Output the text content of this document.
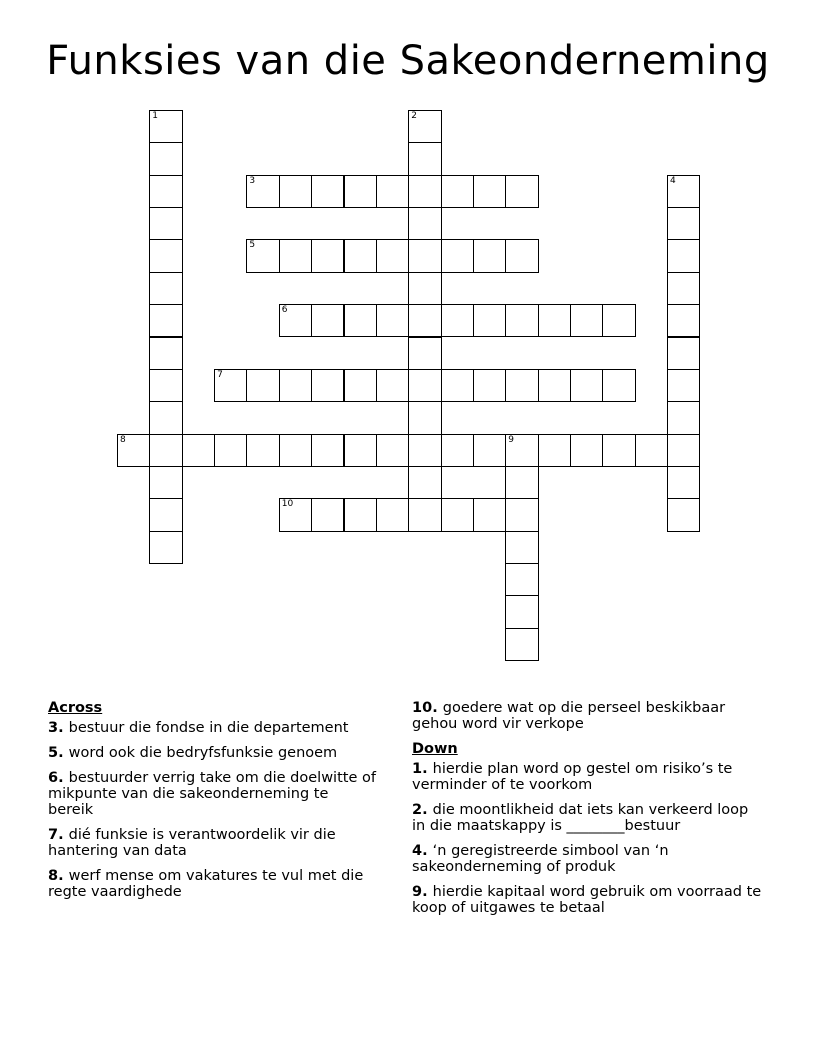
Funksies van die Sakeonderneming
1	2
3	4
5
6
7
8	9
10
Across
3. bestuur die fondse in die departement
5. word ook die bedryfsfunksie genoem
6. bestuurder verrig take om die doelwitte of mikpunte van die sakeonderneming te bereik
7. dié funksie is verantwoordelik vir die hantering van data
8. werf mense om vakatures te vul met die regte vaardighede
10. goedere wat op die perseel beskikbaar gehou word vir verkope
Down
1. hierdie plan word op gestel om risiko’s te verminder of te voorkom
2. die moontlikheid dat iets kan verkeerd loop in die maatskappy is ________bestuur
4. ‘n geregistreerde simbool van ‘n sakeonderneming of produk
9. hierdie kapitaal word gebruik om voorraad te koop of uitgawes te betaal
